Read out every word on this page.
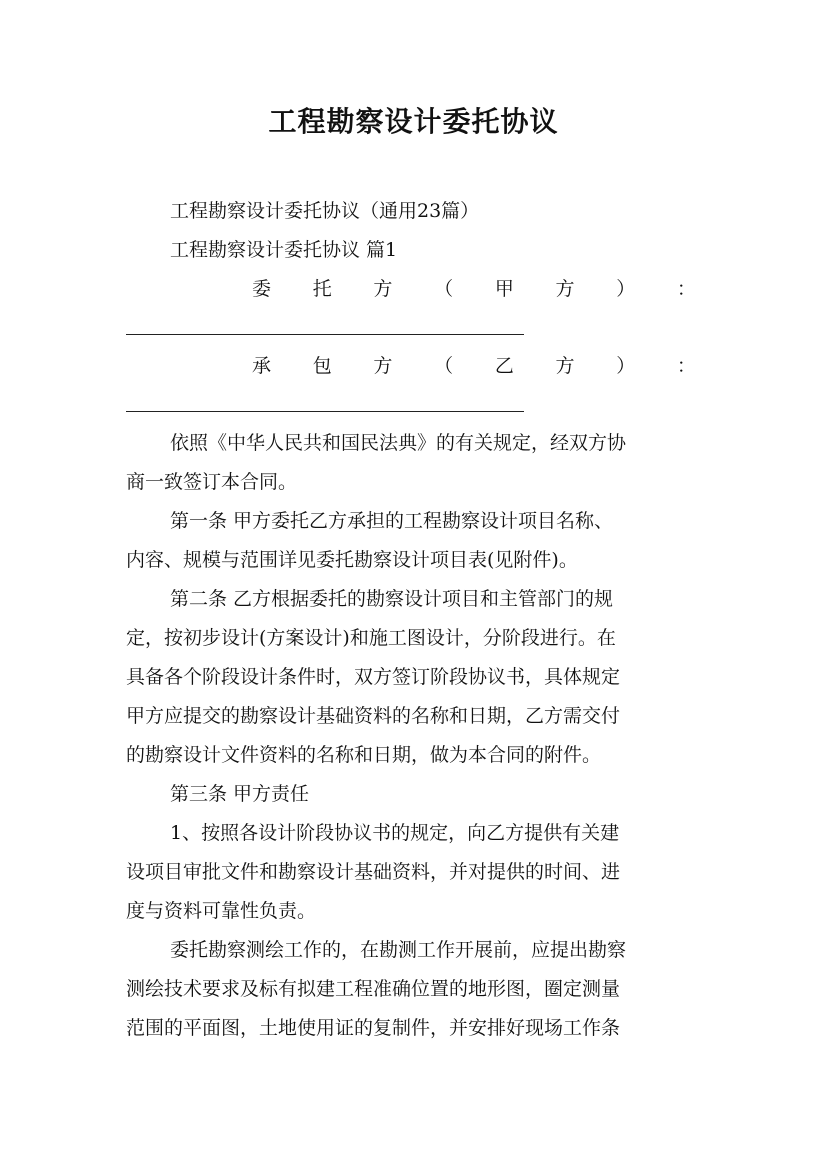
工程勘察设计委托协议
工程勘察设计委托协议（通用23篇）
工程勘察设计委托协议 篇1
委 托 方 （ 甲 方 ） ：
承 包 方 （ 乙 方 ） ：
依照《中华人民共和国民法典》的有关规定，经双方协
商一致签订本合同。
第一条 甲方委托乙方承担的工程勘察设计项目名称、
内容、规模与范围详见委托勘察设计项目表(见附件)。
第二条 乙方根据委托的勘察设计项目和主管部门的规
定，按初步设计(方案设计)和施工图设计，分阶段进行。在
具备各个阶段设计条件时，双方签订阶段协议书，具体规定
甲方应提交的勘察设计基础资料的名称和日期，乙方需交付
的勘察设计文件资料的名称和日期，做为本合同的附件。
第三条 甲方责任
1、按照各设计阶段协议书的规定，向乙方提供有关建
设项目审批文件和勘察设计基础资料，并对提供的时间、进
度与资料可靠性负责。
委托勘察测绘工作的，在勘测工作开展前，应提出勘察
测绘技术要求及标有拟建工程准确位置的地形图，圈定测量
范围的平面图，土地使用证的复制件，并安排好现场工作条
